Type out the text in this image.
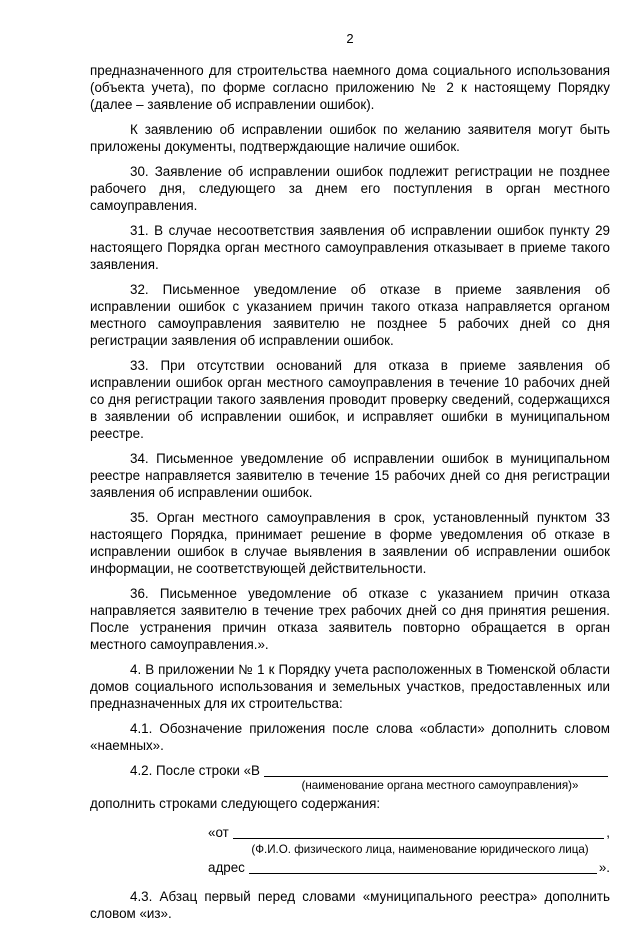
2

предназначенного для строительства наемного дома социального использования (объекта учета), по форме согласно приложению № 2 к настоящему Порядку (далее – заявление об исправлении ошибок).

К заявлению об исправлении ошибок по желанию заявителя могут быть приложены документы, подтверждающие наличие ошибок.

30. Заявление об исправлении ошибок подлежит регистрации не позднее рабочего дня, следующего за днем его поступления в орган местного самоуправления.

31. В случае несоответствия заявления об исправлении ошибок пункту 29 настоящего Порядка орган местного самоуправления отказывает в приеме такого заявления.

32. Письменное уведомление об отказе в приеме заявления об исправлении ошибок с указанием причин такого отказа направляется органом местного самоуправления заявителю не позднее 5 рабочих дней со дня регистрации заявления об исправлении ошибок.

33. При отсутствии оснований для отказа в приеме заявления об исправлении ошибок орган местного самоуправления в течение 10 рабочих дней со дня регистрации такого заявления проводит проверку сведений, содержащихся в заявлении об исправлении ошибок, и исправляет ошибки в муниципальном реестре.

34. Письменное уведомление об исправлении ошибок в муниципальном реестре направляется заявителю в течение 15 рабочих дней со дня регистрации заявления об исправлении ошибок.

35. Орган местного самоуправления в срок, установленный пунктом 33 настоящего Порядка, принимает решение в форме уведомления об отказе в исправлении ошибок в случае выявления в заявлении об исправлении ошибок информации, не соответствующей действительности.

36. Письменное уведомление об отказе с указанием причин отказа направляется заявителю в течение трех рабочих дней со дня принятия решения. После устранения причин отказа заявитель повторно обращается в орган местного самоуправления.».

4. В приложении № 1 к Порядку учета расположенных в Тюменской области домов социального использования и земельных участков, предоставленных или предназначенных для их строительства:

4.1. Обозначение приложения после слова «области» дополнить словом «наемных».

4.2. После строки «В
(наименование органа местного самоуправления)»

дополнить строками следующего содержания:

«от	,
(Ф.И.О. физического лица, наименование юридического лица)
адрес	».

4.3. Абзац первый перед словами «муниципального реестра» дополнить словом «из».
